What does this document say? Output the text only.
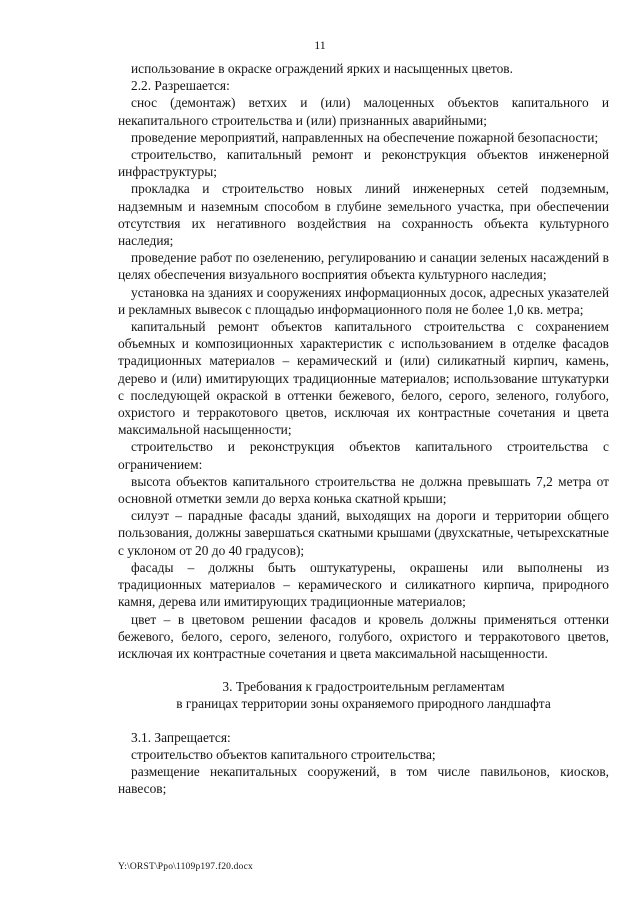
11

использование в окраске ограждений ярких и насыщенных цветов.

2.2. Разрешается:

снос (демонтаж) ветхих и (или) малоценных объектов капитального и некапитального строительства и (или) признанных аварийными;

проведение мероприятий, направленных на обеспечение пожарной безопасности;

строительство, капитальный ремонт и реконструкция объектов инженерной инфраструктуры;

прокладка и строительство новых линий инженерных сетей подземным, надземным и наземным способом в глубине земельного участка, при обеспечении отсутствия их негативного воздействия на сохранность объекта культурного наследия;

проведение работ по озеленению, регулированию и санации зеленых насаждений в целях обеспечения визуального восприятия объекта культурного наследия;

установка на зданиях и сооружениях информационных досок, адресных указателей и рекламных вывесок с площадью информационного поля не более 1,0 кв. метра;

капитальный ремонт объектов капитального строительства с сохранением объемных и композиционных характеристик с использованием в отделке фасадов традиционных материалов – керамический и (или) силикатный кирпич, камень, дерево и (или) имитирующих традиционные материалов; использование штукатурки с последующей окраской в оттенки бежевого, белого, серого, зеленого, голубого, охристого и терракотового цветов, исключая их контрастные сочетания и цвета максимальной насыщенности;

строительство и реконструкция объектов капитального строительства с ограничением:

высота объектов капитального строительства не должна превышать 7,2 метра от основной отметки земли до верха конька скатной крыши;

силуэт – парадные фасады зданий, выходящих на дороги и территории общего пользования, должны завершаться скатными крышами (двухскатные, четырехскатные с уклоном от 20 до 40 градусов);

фасады – должны быть оштукатурены, окрашены или выполнены из традиционных материалов – керамического и силикатного кирпича, природного камня, дерева или имитирующих традиционные материалов;

цвет – в цветовом решении фасадов и кровель должны применяться оттенки бежевого, белого, серого, зеленого, голубого, охристого и терракотового цветов, исключая их контрастные сочетания и цвета максимальной насыщенности.

3. Требования к градостроительным регламентам

в границах территории зоны охраняемого природного ландшафта

3.1. Запрещается:

строительство объектов капитального строительства;

размещение некапитальных сооружений, в том числе павильонов, киосков, навесов;

Y:\ORST\Ppo\1109p197.f20.docx
